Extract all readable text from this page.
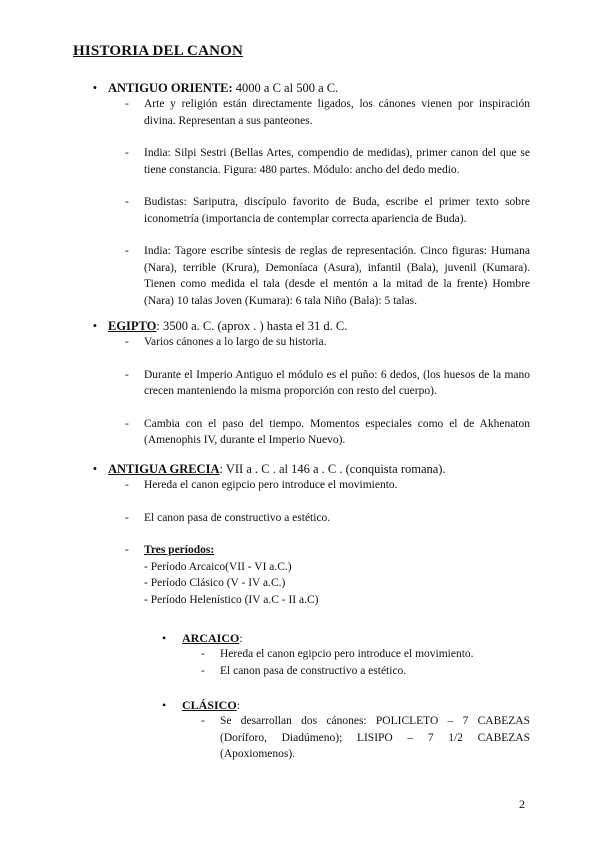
HISTORIA DEL CANON
• ANTIGUO ORIENTE: 4000 a C al 500 a C.
- Arte y religión están directamente ligados, los cánones vienen por inspiración divina. Representan a sus panteones.
- India: Silpi Sestri (Bellas Artes, compendio de medidas), primer canon del que se tiene constancia. Figura: 480 partes. Módulo: ancho del dedo medio.
- Budistas: Sariputra, discípulo favorito de Buda, escribe el primer texto sobre iconometría (importancia de contemplar correcta apariencia de Buda).
- India: Tagore escribe síntesis de reglas de representación. Cinco figuras: Humana (Nara), terrible (Krura), Demoníaca (Asura), infantil (Bala), juvenil (Kumara). Tienen como medida el tala (desde el mentón a la mitad de la frente) Hombre (Nara) 10 talas Joven (Kumara): 6 tala Niño (Bala): 5 talas.
• EGIPTO: 3500 a. C. (aprox . ) hasta el 31 d. C.
- Varios cánones a lo largo de su historia.
- Durante el Imperio Antiguo el módulo es el puño: 6 dedos, (los huesos de la mano crecen manteniendo la misma proporción con resto del cuerpo).
- Cambia con el paso del tiempo. Momentos especiales como el de Akhenaton (Amenophis IV, durante el Imperio Nuevo).
• ANTIGUA GRECIA: VII a . C . al 146 a . C . (conquista romana).
- Hereda el canon egipcio pero introduce el movimiento.
- El canon pasa de constructivo a estético.
- Tres períodos:
- Período Arcaico(VII - VI a.C.)
- Período Clásico (V - IV a.C.)
- Período Helenístico (IV a.C - II a.C)
• ARCAICO:
- Hereda el canon egipcio pero introduce el movimiento.
- El canon pasa de constructivo a estético.
• CLÁSICO:
- Se desarrollan dos cánones: POLICLETO – 7 CABEZAS (Doríforo, Diadúmeno); LISIPO – 7 1/2 CABEZAS (Apoxiomenos).
2
